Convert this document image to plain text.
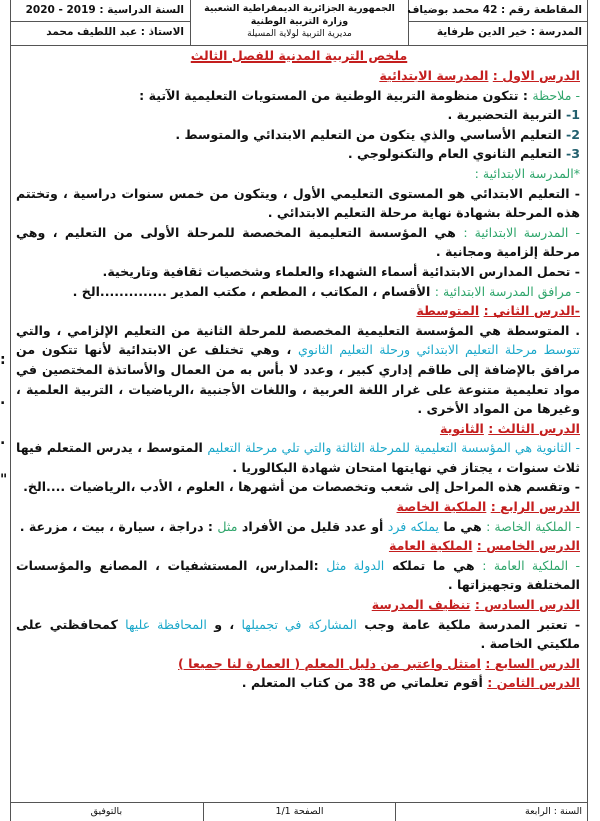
:
.
.
"
المقاطعة رقم : 42 محمد بوضياف
المدرسة : خير الدين طرفاية
الجمهورية الجزائرية الديمقراطية الشعبية
وزارة التربية الوطنية
مديرية التربية لولاية المسيلة
السنة الدراسية : 2019 - 2020
الاستاذ : عبد اللطيف محمد
ملخص التربية المدنية للفصل الثالث
الدرس الاول : المدرسة الابتدائية
- ملاحظة : تتكون منظومة التربية الوطنية من المستويات التعليمية الآتية :
1- التربية التحضيرية .
2- التعليم الأساسي والذي يتكون من التعليم الابتدائي والمتوسط .
3- التعليم الثانوي العام والتكنولوجي .
*المدرسة الابتدائية :
- التعليم الابتدائي هو المستوى التعليمي الأول ، ويتكون من خمس سنوات دراسية ، وتختتم هذه المرحلة بشهادة نهاية مرحلة التعليم الابتدائي .
- المدرسة الابتدائية : هي المؤسسة التعليمية المخصصة للمرحلة الأولى من التعليم ، وهي مرحلة إلزامية ومجانية .
- تحمل المدارس الابتدائية أسماء الشهداء والعلماء وشخصيات ثقافية وتاريخية.
- مرافق المدرسة الابتدائية : الأقسام ، المكاتب ، المطعم ، مكتب المدير ..............الخ .
-الدرس الثاني : المتوسطة
. المتوسطة هي المؤسسة التعليمية المخصصة للمرحلة الثانية من التعليم الإلزامي ، والتي تتوسط مرحلة التعليم الابتدائي ورحلة التعليم الثانوي ، وهي تختلف عن الابتدائية لأنها تتكون من مرافق بالإضافة إلى طاقم إداري كبير ، وعدد لا بأس به من العمال والأساتذة المختصين في مواد تعليمية متنوعة على غرار اللغة العربية ، واللغات الأجنبية ،الرياضيات ، التربية العلمية ، وغيرها من المواد الأخرى .
الدرس الثالث : الثانوية
- الثانوية هي المؤسسة التعليمية للمرحلة الثالثة والتي تلي مرحلة التعليم المتوسط ، يدرس المتعلم فيها ثلاث سنوات ، يجتاز في نهايتها امتحان شهادة البكالوريا .
- وتقسم هذه المراحل إلى شعب وتخصصات من أشهرها ، العلوم ، الأدب ،الرياضيات ....الخ.
الدرس الرابع : الملكية الخاصة
- الملكية الخاصة : هي ما يملكه فرد أو عدد قليل من الأفراد مثل : دراجة ، سيارة ، بيت ، مزرعة .
الدرس الخامس : الملكية العامة
- الملكية العامة : هي ما تملكه الدولة مثل :المدارس، المستشفيات ، المصانع والمؤسسات المختلفة وتجهيزاتها .
الدرس السادس : تنظيف المدرسة
- تعتبر المدرسة ملكية عامة وجب المشاركة في تجميلها ، و المحافظة عليها كمحافظتي على ملكيتي الخاصة .
الدرس السابع : امتثل واعتبر من دليل المعلم ( العمارة لنا جميعا )
الدرس الثامن : أقوم تعلماتي ص 38 من كتاب المتعلم .
السنة : الرابعة
الصفحة 1/1
بالتوفيق
